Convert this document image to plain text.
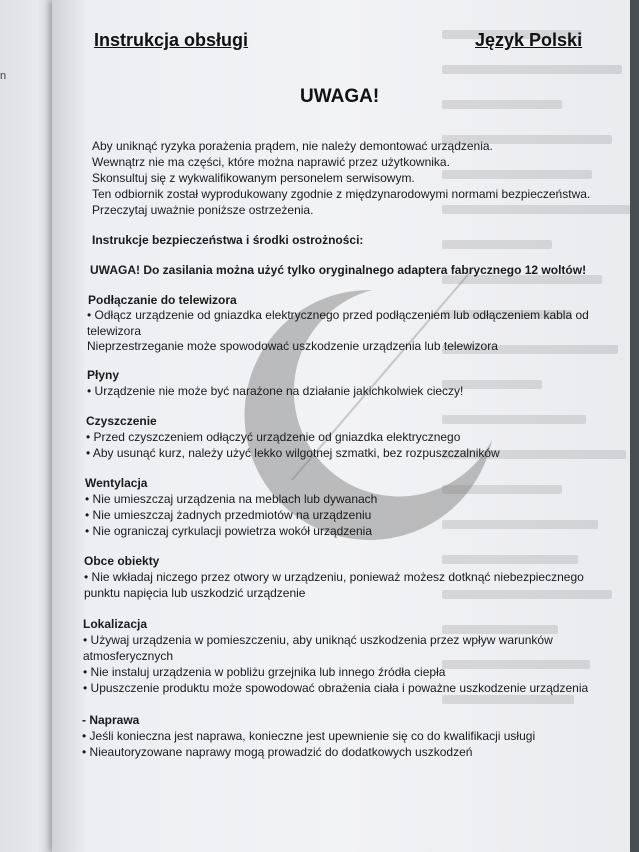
n
Instrukcja obsługi	Język Polski
UWAGA!
Aby uniknąć ryzyka porażenia prądem, nie należy demontować urządzenia.
Wewnątrz nie ma części, które można naprawić przez użytkownika.
Skonsultuj się z wykwalifikowanym personelem serwisowym.
Ten odbiornik został wyprodukowany zgodnie z międzynarodowymi normami bezpieczeństwa.
Przeczytaj uważnie poniższe ostrzeżenia.
Instrukcje bezpieczeństwa i środki ostrożności:
UWAGA! Do zasilania można użyć tylko oryginalnego adaptera fabrycznego 12 woltów!
Podłączanie do telewizora
• Odłącz urządzenie od gniazdka elektrycznego przed podłączeniem lub odłączeniem kabla od
telewizora
Nieprzestrzeganie może spowodować uszkodzenie urządzenia lub telewizora
Płyny
• Urządzenie nie może być narażone na działanie jakichkolwiek cieczy!
Czyszczenie
• Przed czyszczeniem odłączyć urządzenie od gniazdka elektrycznego
• Aby usunąć kurz, należy użyć lekko wilgotnej szmatki, bez rozpuszczalników
Wentylacja
• Nie umieszczaj urządzenia na meblach lub dywanach
• Nie umieszczaj żadnych przedmiotów na urządzeniu
• Nie ograniczaj cyrkulacji powietrza wokół urządzenia
Obce obiekty
• Nie wkładaj niczego przez otwory w urządzeniu, ponieważ możesz dotknąć niebezpiecznego
punktu napięcia lub uszkodzić urządzenie
Lokalizacja
• Używaj urządzenia w pomieszczeniu, aby uniknąć uszkodzenia przez wpływ warunków
atmosferycznych
• Nie instaluj urządzenia w pobliżu grzejnika lub innego źródła ciepła
• Upuszczenie produktu może spowodować obrażenia ciała i poważne uszkodzenie urządzenia
- Naprawa
• Jeśli konieczna jest naprawa, konieczne jest upewnienie się co do kwalifikacji usługi
• Nieautoryzowane naprawy mogą prowadzić do dodatkowych uszkodzeń
